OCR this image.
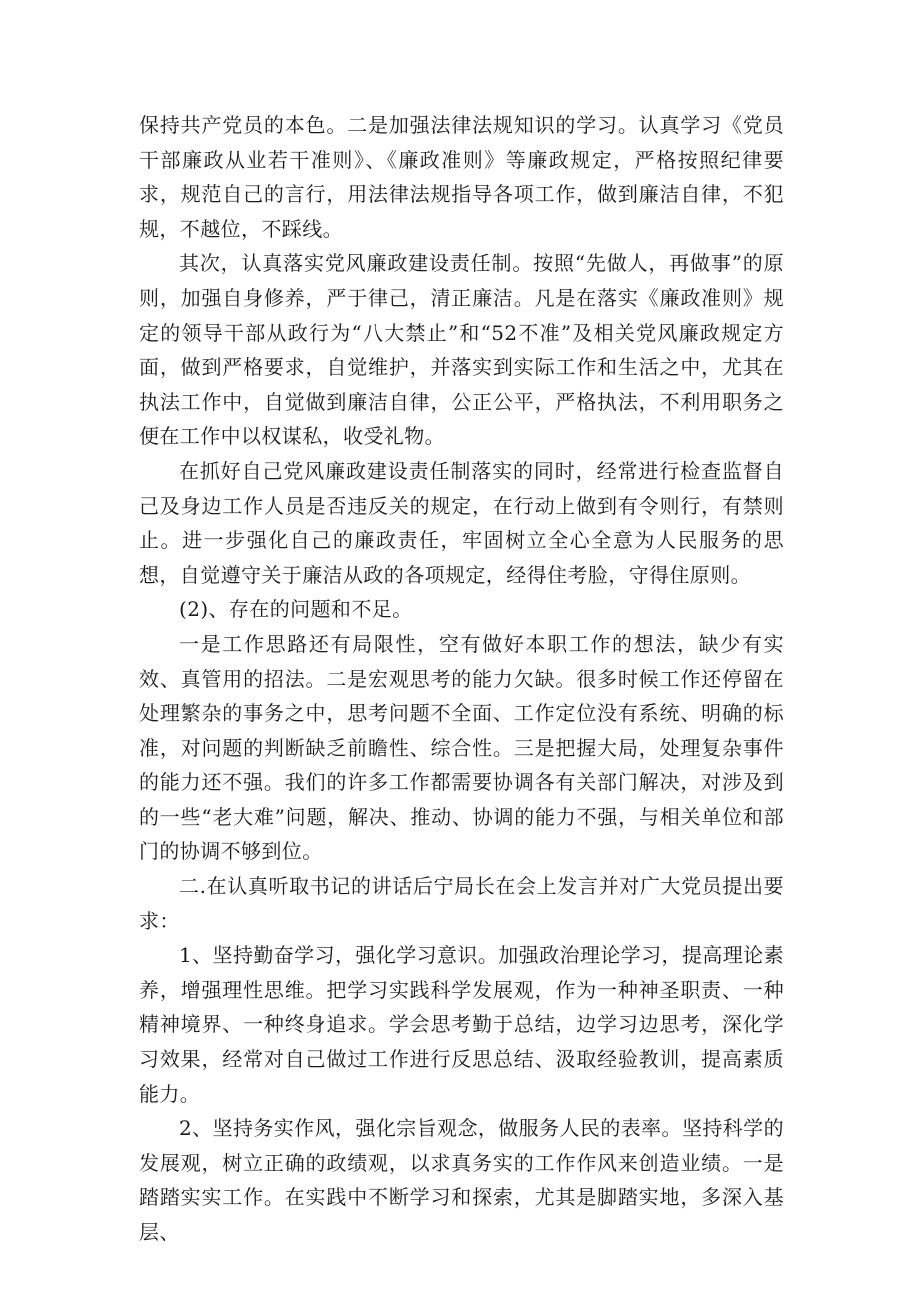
保持共产党员的本色。二是加强法律法规知识的学习。认真学习《党员干部廉政从业若干准则》、《廉政准则》等廉政规定，严格按照纪律要求，规范自己的言行，用法律法规指导各项工作，做到廉洁自律，不犯规，不越位，不踩线。

其次，认真落实党风廉政建设责任制。按照“先做人，再做事”的原则，加强自身修养，严于律己，清正廉洁。凡是在落实《廉政准则》规定的领导干部从政行为“八大禁止”和“52不准”及相关党风廉政规定方面，做到严格要求，自觉维护，并落实到实际工作和生活之中，尤其在执法工作中，自觉做到廉洁自律，公正公平，严格执法，不利用职务之便在工作中以权谋私，收受礼物。

在抓好自己党风廉政建设责任制落实的同时，经常进行检查监督自己及身边工作人员是否违反关的规定，在行动上做到有令则行，有禁则止。进一步强化自己的廉政责任，牢固树立全心全意为人民服务的思想，自觉遵守关于廉洁从政的各项规定，经得住考脸，守得住原则。

(2)、存在的问题和不足。

一是工作思路还有局限性，空有做好本职工作的想法，缺少有实效、真管用的招法。二是宏观思考的能力欠缺。很多时候工作还停留在处理繁杂的事务之中，思考问题不全面、工作定位没有系统、明确的标准，对问题的判断缺乏前瞻性、综合性。三是把握大局，处理复杂事件的能力还不强。我们的许多工作都需要协调各有关部门解决，对涉及到的一些“老大难”问题，解决、推动、协调的能力不强，与相关单位和部门的协调不够到位。

二.在认真听取书记的讲话后宁局长在会上发言并对广大党员提出要求：

1、坚持勤奋学习，强化学习意识。加强政治理论学习，提高理论素养，增强理性思维。把学习实践科学发展观，作为一种神圣职责、一种精神境界、一种终身追求。学会思考勤于总结，边学习边思考，深化学习效果，经常对自己做过工作进行反思总结、汲取经验教训，提高素质能力。

2、坚持务实作风，强化宗旨观念，做服务人民的表率。坚持科学的发展观，树立正确的政绩观，以求真务实的工作作风来创造业绩。一是踏踏实实工作。在实践中不断学习和探索，尤其是脚踏实地，多深入基层、
